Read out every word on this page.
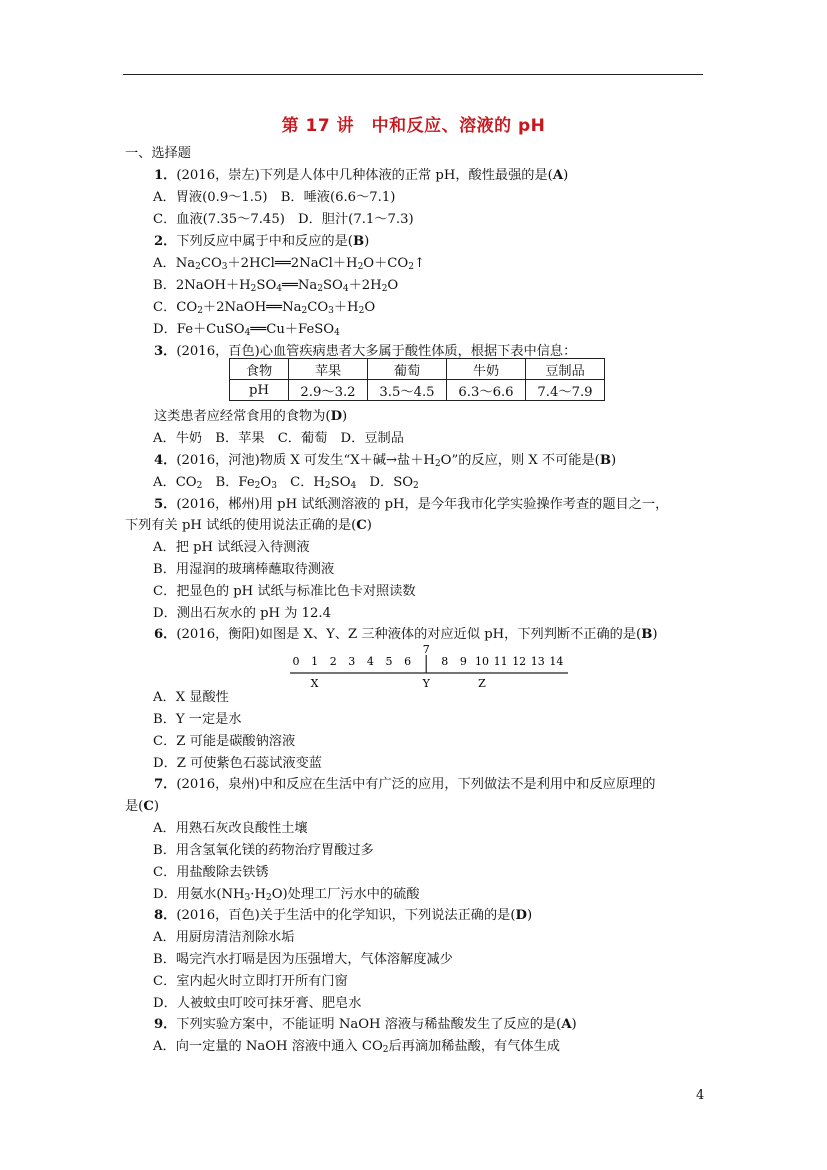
第 17 讲　中和反应、溶液的 pH
一、选择题
1．(2016，崇左)下列是人体中几种体液的正常 pH，酸性最强的是(A)
A．胃液(0.9～1.5)　B．唾液(6.6～7.1)
C．血液(7.35～7.45)　D．胆汁(7.1～7.3)
2．下列反应中属于中和反应的是(B)
A．$Na_2CO_3+2HCl══2NaCl+H_2O+CO_2↑$
B．$2NaOH+H_2SO_4══Na_2SO_4+2H_2O$
C．$CO_2+2NaOH══Na_2CO_3+H_2O$
D．Fe＋CuSO$_4$══Cu＋FeSO$_4$
3．(2016，百色)心血管疾病患者大多属于酸性体质，根据下表中信息：
食物	苹果	葡萄	牛奶	豆制品
pH	2.9～3.2	3.5～4.5	6.3～6.6	7.4～7.9
这类患者应经常食用的食物为(D)
A．牛奶　B．苹果　C．葡萄　D．豆制品
4．(2016，河池)物质 X 可发生“X＋碱→盐$+H_2O$”的反应，则 X 不可能是(B)
A．$CO_2$　B．$Fe_2O_3$　C．$H_2SO_4$　D．$SO_2$
5．(2016，郴州)用 pH 试纸测溶液的 pH，是今年我市化学实验操作考查的题目之一，
下列有关 pH 试纸的使用说法正确的是(C)
A．把 pH 试纸浸入待测液
B．用湿润的玻璃棒蘸取待测液
C．把显色的 pH 试纸与标准比色卡对照读数
D．测出石灰水的 pH 为 12.4
6．(2016，衡阳)如图是 X、Y、Z 三种液体的对应近似 pH，下列判断不正确的是(B)
0 1 2 3 4 5 6
7
8 9 10 11 12 13 14
X	Y	Z
A．X 显酸性
B．Y 一定是水
C．Z 可能是碳酸钠溶液
D．Z 可使紫色石蕊试液变蓝
7．(2016，泉州)中和反应在生活中有广泛的应用，下列做法不是利用中和反应原理的
是(C)
A．用熟石灰改良酸性土壤
B．用含氢氧化镁的药物治疗胃酸过多
C．用盐酸除去铁锈
D．用氨水$(NH_3\cdot H_2O)$处理工厂污水中的硫酸
8．(2016，百色)关于生活中的化学知识，下列说法正确的是(D)
A．用厨房清洁剂除水垢
B．喝完汽水打嗝是因为压强增大，气体溶解度减少
C．室内起火时立即打开所有门窗
D．人被蚊虫叮咬可抹牙膏、肥皂水
9．下列实验方案中，不能证明 NaOH 溶液与稀盐酸发生了反应的是(A)
A．向一定量的 NaOH 溶液中通入 $CO_2$后再滴加稀盐酸，有气体生成
4
